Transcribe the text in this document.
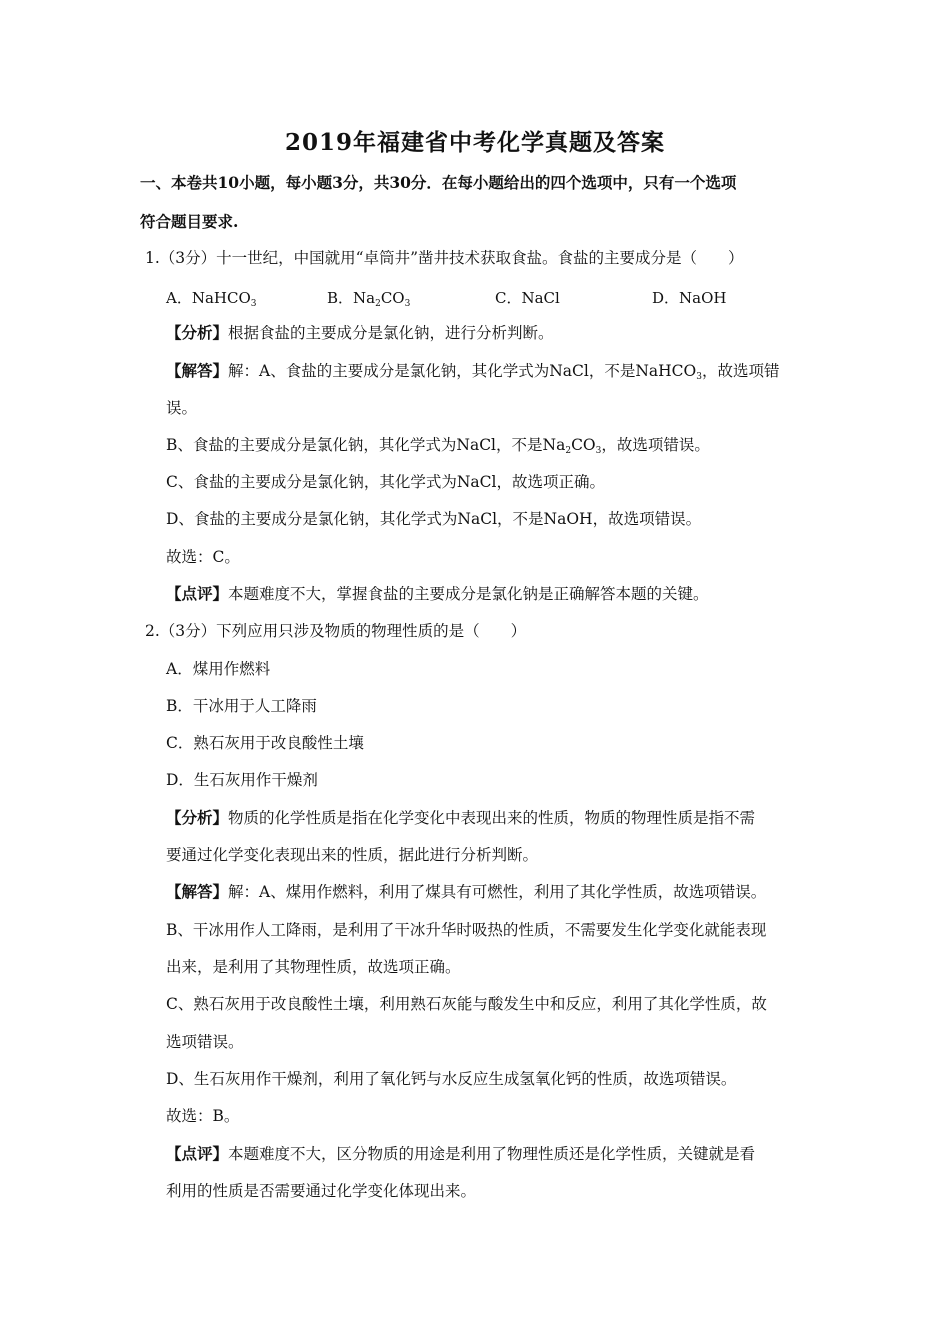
2019年福建省中考化学真题及答案
一、本卷共10小题，每小题3分，共30分．在每小题给出的四个选项中，只有一个选项
符合题目要求.
1.（3分）十一世纪，中国就用“卓筒井”凿井技术获取食盐。食盐的主要成分是（　　）
A．NaHCO$_3$	B．$Na_2CO_3$	C．NaCl	D．NaOH
【分析】根据食盐的主要成分是氯化钠，进行分析判断。
【解答】解：A、食盐的主要成分是氯化钠，其化学式为NaCl，不是NaHCO$_3$，故选项错
误。
B、食盐的主要成分是氯化钠，其化学式为NaCl，不是$Na_2CO_3$，故选项错误。
C、食盐的主要成分是氯化钠，其化学式为NaCl，故选项正确。
D、食盐的主要成分是氯化钠，其化学式为NaCl，不是NaOH，故选项错误。
故选：C。
【点评】本题难度不大，掌握食盐的主要成分是氯化钠是正确解答本题的关键。
2.（3分）下列应用只涉及物质的物理性质的是（　　）
A．煤用作燃料
B．干冰用于人工降雨
C．熟石灰用于改良酸性土壤
D．生石灰用作干燥剂
【分析】物质的化学性质是指在化学变化中表现出来的性质，物质的物理性质是指不需
要通过化学变化表现出来的性质，据此进行分析判断。
【解答】解：A、煤用作燃料，利用了煤具有可燃性，利用了其化学性质，故选项错误。
B、干冰用作人工降雨，是利用了干冰升华时吸热的性质，不需要发生化学变化就能表现
出来，是利用了其物理性质，故选项正确。
C、熟石灰用于改良酸性土壤，利用熟石灰能与酸发生中和反应，利用了其化学性质，故
选项错误。
D、生石灰用作干燥剂，利用了氧化钙与水反应生成氢氧化钙的性质，故选项错误。
故选：B。
【点评】本题难度不大，区分物质的用途是利用了物理性质还是化学性质，关键就是看
利用的性质是否需要通过化学变化体现出来。
